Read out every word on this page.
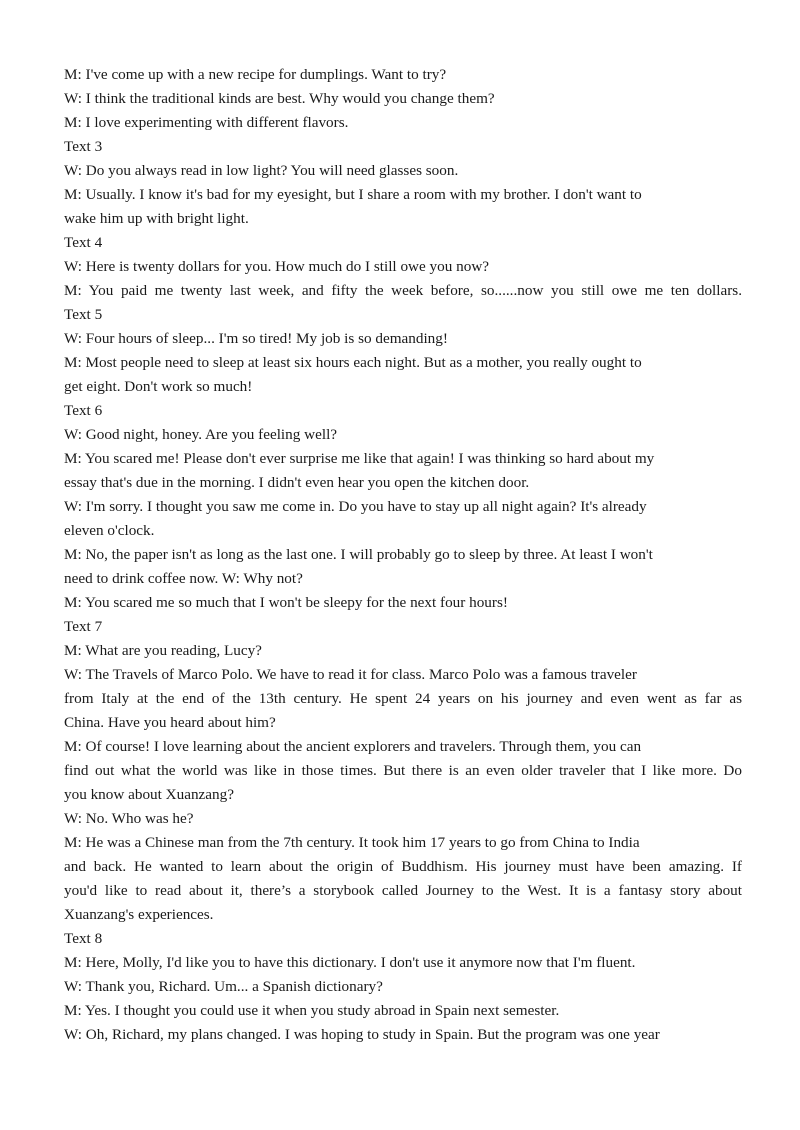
M: I've come up with a new recipe for dumplings. Want to try?
W: I think the traditional kinds are best. Why would you change them?
M: I love experimenting with different flavors.
Text 3
W: Do you always read in low light? You will need glasses soon.
M: Usually. I know it's bad for my eyesight, but I share a room with my brother. I don't want to
wake him up with bright light.
Text 4
W: Here is twenty dollars for you. How much do I still owe you now?
M: You paid me twenty last week, and fifty the week before, so......now you still owe me ten dollars.
Text 5
W: Four hours of sleep... I'm so tired! My job is so demanding!
M: Most people need to sleep at least six hours each night. But as a mother, you really ought to
get eight. Don't work so much!
Text 6
W: Good night, honey. Are you feeling well?
M: You scared me! Please don't ever surprise me like that again! I was thinking so hard about my
essay that's due in the morning. I didn't even hear you open the kitchen door.
W: I'm sorry. I thought you saw me come in. Do you have to stay up all night again? It's already
eleven o'clock.
M: No, the paper isn't as long as the last one. I will probably go to sleep by three. At least I won't
need to drink coffee now. W: Why not?
M: You scared me so much that I won't be sleepy for the next four hours!
Text 7
M: What are you reading, Lucy?
W: The Travels of Marco Polo. We have to read it for class. Marco Polo was a famous traveler
from Italy at the end of the 13th century. He spent 24 years on his journey and even went as far as
China. Have you heard about him?
M: Of course! I love learning about the ancient explorers and travelers. Through them, you can
find out what the world was like in those times. But there is an even older traveler that I like more. Do
you know about Xuanzang?
W: No. Who was he?
M: He was a Chinese man from the 7th century. It took him 17 years to go from China to India
and back. He wanted to learn about the origin of Buddhism. His journey must have been amazing. If
you'd like to read about it, there’s a storybook called Journey to the West. It is a fantasy story about
Xuanzang's experiences.
Text 8
M: Here, Molly, I'd like you to have this dictionary. I don't use it anymore now that I'm fluent.
W: Thank you, Richard. Um... a Spanish dictionary?
M: Yes. I thought you could use it when you study abroad in Spain next semester.
W: Oh, Richard, my plans changed. I was hoping to study in Spain. But the program was one year
